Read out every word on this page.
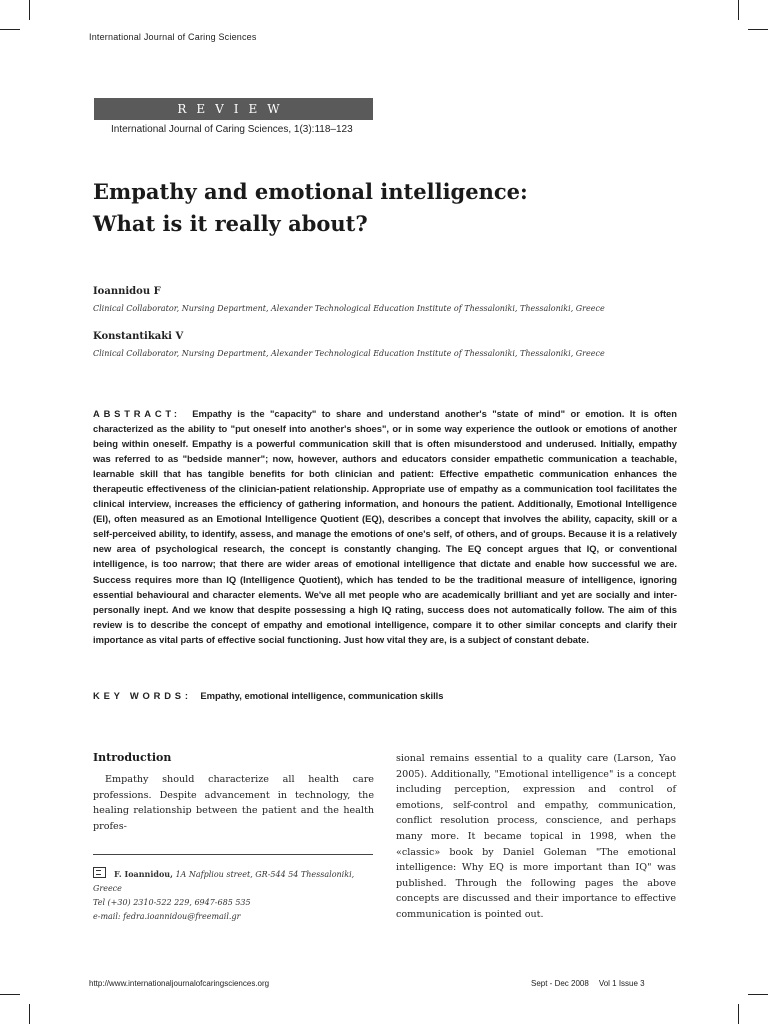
International Journal of Caring Sciences
REVIEW
International Journal of Caring Sciences, 1(3):118–123
Empathy and emotional intelligence:
What is it really about?
Ioannidou F
Clinical Collaborator, Nursing Department, Alexander Technological Education Institute of Thessaloniki, Thessaloniki, Greece
Konstantikaki V
Clinical Collaborator, Nursing Department, Alexander Technological Education Institute of Thessaloniki, Thessaloniki, Greece
ABSTRACT: Empathy is the "capacity" to share and understand another's "state of mind" or emotion. It is often characterized as the ability to "put oneself into another's shoes", or in some way experience the outlook or emotions of another being within oneself. Empathy is a powerful communication skill that is often misunderstood and underused. Initially, empathy was referred to as "bedside manner"; now, however, authors and educators consider empathetic communication a teachable, learnable skill that has tangible benefits for both clinician and patient: Effective empathetic communication enhances the therapeutic effectiveness of the clinician-patient relationship. Appropriate use of empathy as a communication tool facilitates the clinical interview, increases the efficiency of gathering information, and honours the patient. Additionally, Emotional Intelligence (EI), often measured as an Emotional Intelligence Quotient (EQ), describes a concept that involves the ability, capacity, skill or a self-perceived ability, to identify, assess, and manage the emotions of one's self, of others, and of groups. Because it is a relatively new area of psychological research, the concept is constantly changing. The EQ concept argues that IQ, or conventional intelligence, is too narrow; that there are wider areas of emotional intelligence that dictate and enable how successful we are. Success requires more than IQ (Intelligence Quotient), which has tended to be the traditional measure of intelligence, ignoring essential behavioural and character elements. We've all met people who are academically brilliant and yet are socially and inter-personally inept. And we know that despite possessing a high IQ rating, success does not automatically follow. The aim of this review is to describe the concept of empathy and emotional intelligence, compare it to other similar concepts and clarify their importance as vital parts of effective social functioning. Just how vital they are, is a subject of constant debate.
KEY WORDS: Empathy, emotional intelligence, communication skills
Introduction
Empathy should characterize all health care professions. Despite advancement in technology, the healing relationship between the patient and the health profes-
sional remains essential to a quality care (Larson, Yao 2005). Additionally, "Emotional intelligence" is a concept including perception, expression and control of emotions, self-control and empathy, communication, conflict resolution process, conscience, and perhaps many more. It became topical in 1998, when the «classic» book by Daniel Goleman "The emotional intelligence: Why EQ is more important than IQ" was published. Through the following pages the above concepts are discussed and their importance to effective communication is pointed out.
F. Ioannidou, 1A Nafpliou street, GR-544 54 Thessaloniki, Greece
Tel (+30) 2310-522 229, 6947-685 535
e-mail: fedra.ioannidou@freemail.gr
http://www.internationaljournalofcaringsciences.org	Sept - Dec 2008 Vol 1 Issue 3
